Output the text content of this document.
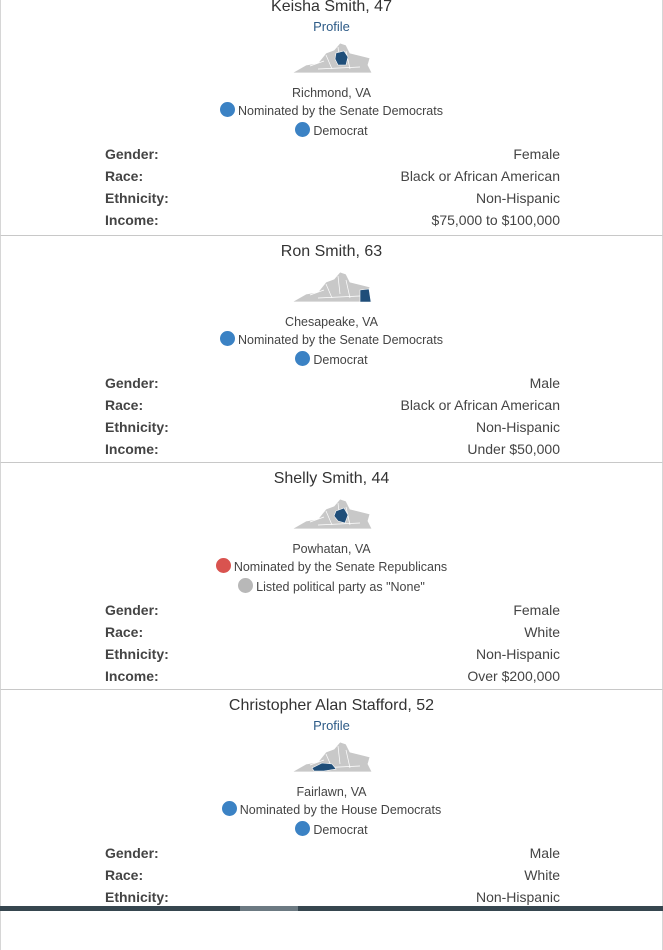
Keisha Smith, 47
Profile
Richmond, VA
Nominated by the Senate Democrats
Democrat
Gender:	Female
Race:	Black or African American
Ethnicity:	Non-Hispanic
Income:	$75,000 to $100,000
Ron Smith, 63
Chesapeake, VA
Nominated by the Senate Democrats
Democrat
Gender:	Male
Race:	Black or African American
Ethnicity:	Non-Hispanic
Income:	Under $50,000
Shelly Smith, 44
Powhatan, VA
Nominated by the Senate Republicans
Listed political party as "None"
Gender:	Female
Race:	White
Ethnicity:	Non-Hispanic
Income:	Over $200,000
Christopher Alan Stafford, 52
Profile
Fairlawn, VA
Nominated by the House Democrats
Democrat
Gender:	Male
Race:	White
Ethnicity:	Non-Hispanic
